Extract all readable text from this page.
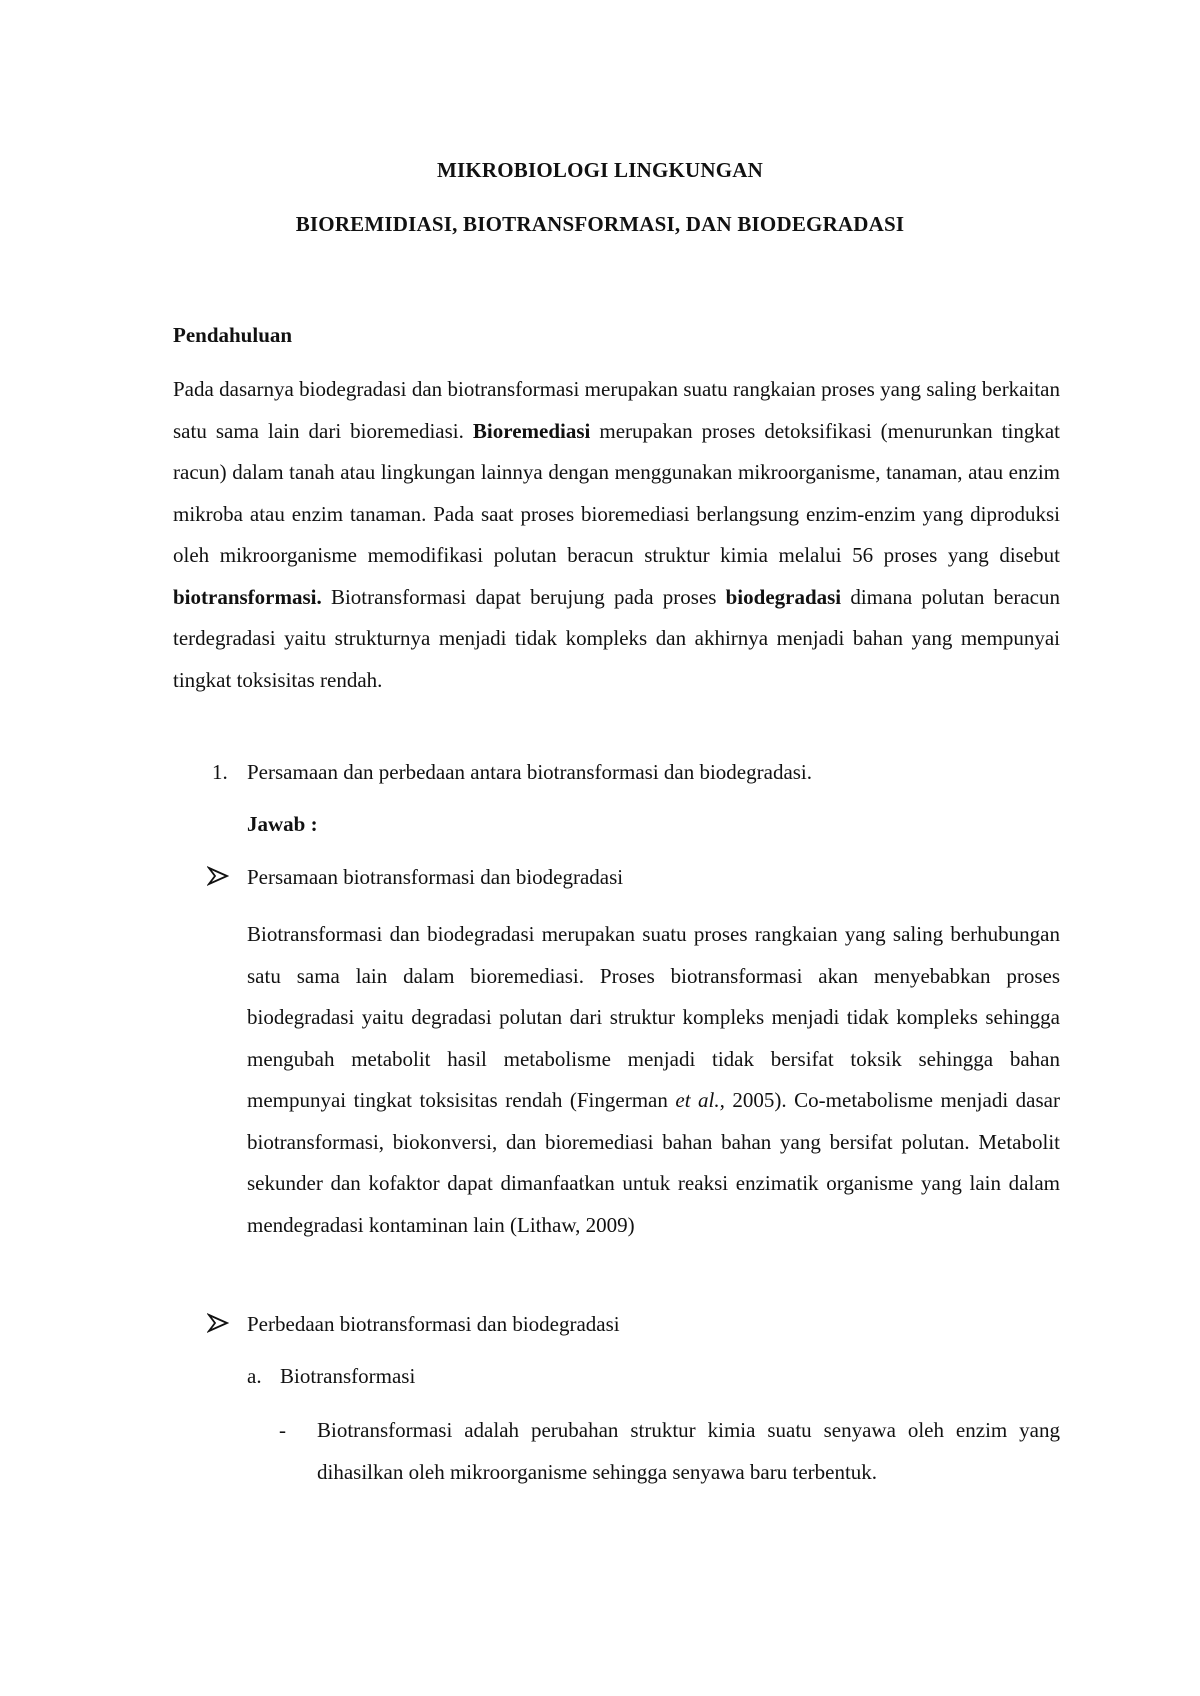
MIKROBIOLOGI LINGKUNGAN
BIOREMIDIASI, BIOTRANSFORMASI, DAN BIODEGRADASI
Pendahuluan

Pada dasarnya biodegradasi dan biotransformasi merupakan suatu rangkaian proses yang saling berkaitan satu sama lain dari bioremediasi. Bioremediasi merupakan proses detoksifikasi (menurunkan tingkat racun) dalam tanah atau lingkungan lainnya dengan menggunakan mikroorganisme, tanaman, atau enzim mikroba atau enzim tanaman. Pada saat proses bioremediasi berlangsung enzim-enzim yang diproduksi oleh mikroorganisme memodifikasi polutan beracun struktur kimia melalui 56 proses yang disebut biotransformasi. Biotransformasi dapat berujung pada proses biodegradasi dimana polutan beracun terdegradasi yaitu strukturnya menjadi tidak kompleks dan akhirnya menjadi bahan yang mempunyai tingkat toksisitas rendah.

1. Persamaan dan perbedaan antara biotransformasi dan biodegradasi.
Jawab :
Persamaan biotransformasi dan biodegradasi

Biotransformasi dan biodegradasi merupakan suatu proses rangkaian yang saling berhubungan satu sama lain dalam bioremediasi. Proses biotransformasi akan menyebabkan proses biodegradasi yaitu degradasi polutan dari struktur kompleks menjadi tidak kompleks sehingga mengubah metabolit hasil metabolisme menjadi tidak bersifat toksik sehingga bahan mempunyai tingkat toksisitas rendah (Fingerman et al., 2005). Co-metabolisme menjadi dasar biotransformasi, biokonversi, dan bioremediasi bahan bahan yang bersifat polutan. Metabolit sekunder dan kofaktor dapat dimanfaatkan untuk reaksi enzimatik organisme yang lain dalam mendegradasi kontaminan lain (Lithaw, 2009)

Perbedaan biotransformasi dan biodegradasi
a. Biotransformasi
- Biotransformasi adalah perubahan struktur kimia suatu senyawa oleh enzim yang dihasilkan oleh mikroorganisme sehingga senyawa baru terbentuk.
